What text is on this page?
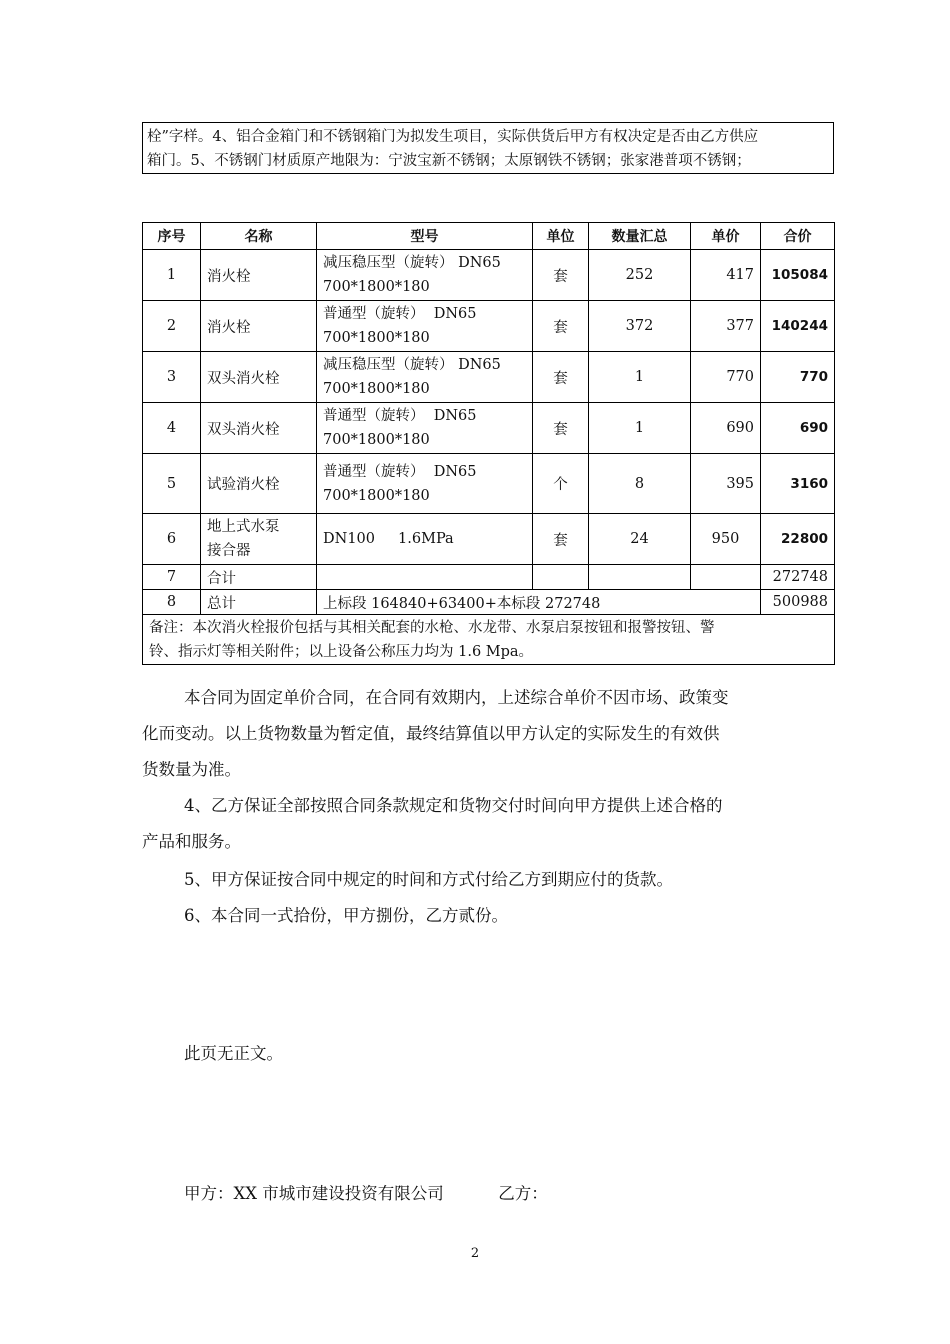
栓”字样。4、铝合金箱门和不锈钢箱门为拟发生项目，实际供货后甲方有权决定是否由乙方供应
箱门。5、不锈钢门材质原产地限为：宁波宝新不锈钢；太原钢铁不锈钢；张家港普项不锈钢；
序号	名称	型号	单位	数量汇总	单价	合价
1	消火栓	减压稳压型（旋转） DN65
700*1800*180	套	252	417	105084
2	消火栓	普通型（旋转）  DN65
700*1800*180	套	372	377	140244
3	双头消火栓	减压稳压型（旋转） DN65
700*1800*180	套	1	770	770
4	双头消火栓	普通型（旋转）  DN65
700*1800*180	套	1	690	690
5	试验消火栓	普通型（旋转）  DN65
700*1800*180	个	8	395	3160
6	地上式水泵
接合器	DN100     1.6MPa	套	24	950	22800
7	合计					272748
8	总计	上标段 164840+63400+本标段 272748				500988

备注：本次消火栓报价包括与其相关配套的水枪、水龙带、水泵启泵按钮和报警按钮、警
铃、指示灯等相关附件；以上设备公称压力均为 1.6 Mpa。						
本合同为固定单价合同，在合同有效期内，上述综合单价不因市场、政策变
化而变动。以上货物数量为暂定值，最终结算值以甲方认定的实际发生的有效供
货数量为准。
4、乙方保证全部按照合同条款规定和货物交付时间向甲方提供上述合格的
产品和服务。
5、甲方保证按合同中规定的时间和方式付给乙方到期应付的货款。
6、本合同一式拾份，甲方捌份，乙方贰份。
此页无正文。
甲方：XX 市城市建设投资有限公司	乙方：
2
